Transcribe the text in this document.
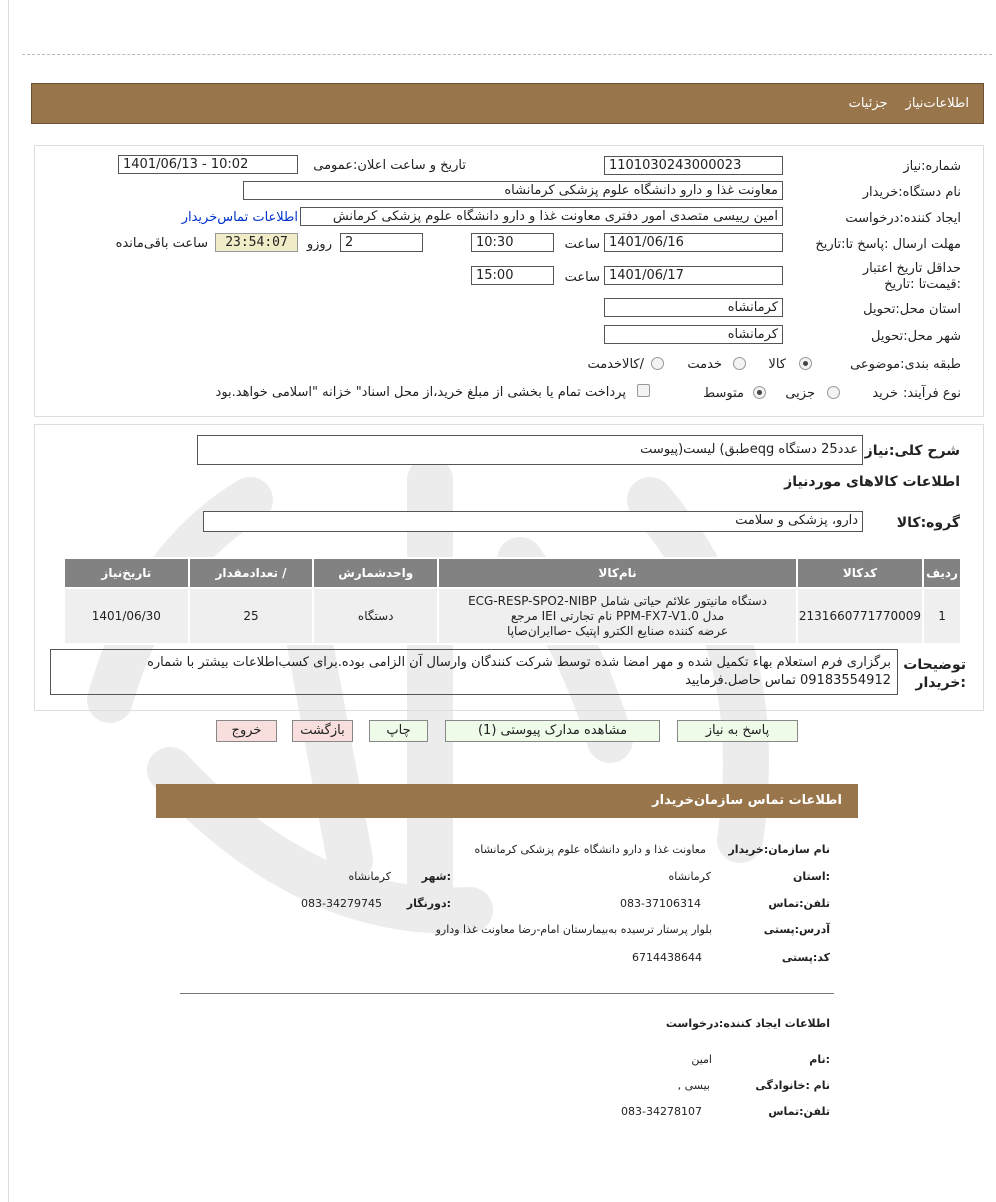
اطلاعات‌نیازجزئیات
شماره:نیاز
1101030243000023
تاریخ و ساعت اعلان:عمومی
1401/06/13 - 10:02
نام دستگاه:خریدار
معاونت غذا و دارو دانشگاه علوم پزشکی کرمانشاه
ایجاد کننده:درخواست
امین رییسی متصدی امور دفتری معاونت غذا و دارو دانشگاه علوم پزشکی کرمانش
اطلاعات تماس‌خریدار
مهلت ارسال :پاسخ تا:تاریخ
1401/06/16
ساعت
10:30
2
روزو
23:54:07
ساعت باقی‌مانده
حداقل تاریخ اعتبار :قیمت‌تا :تاریخ
1401/06/17
ساعت
15:00
استان محل:تحویل
کرمانشاه
شهر محل:تحویل
کرمانشاه
طبقه بندی:موضوعی
کالا
خدمت
/کالاخدمت
نوع فرآیند:
خرید
جزیی
متوسط
پرداخت تمام یا بخشی از مبلغ خرید،از محل اسناد" خزانه "اسلامی خواهد.بود
شرح کلی:نیاز
عدد25 دستگاه eqgطبق) لیست(پیوست
اطلاعات کالاهای موردنیاز
گروه:کالا
دارو، پزشکی و سلامت
ردیف	کدکالا	نام‌کالا	واحدشمارش	/ تعدادمقدار	تاریخ‌نیاز
1	2131660771770009	دستگاه مانیتور علائم حیاتی شامل ECG-RESP-SPO2-NIBP
مدل PPM-FX7-V1.0 نام تجارتی IEI مرجع
عرضه کننده صنایع الکترو اپتیک -صاایران‌صاپا	دستگاه	25	1401/06/30
توضیحات :خریدار
برگزاری فرم استعلام بهاء تکمیل شده و مهر امضا شده توسط شرکت کنندگان وارسال آن الزامی بوده.برای کسب‌اطلاعات بیشتر با شماره 09183554912 تماس حاصل.فرمایید
پاسخ به نیاز
مشاهده مدارک پیوستی (1)
چاپ
بازگشت
خروج
اطلاعات تماس سازمان‌خریدار
نام سازمان:خریدار
معاونت غذا و دارو دانشگاه علوم پزشکی کرمانشاه
:استان
کرمانشاه
:شهر
کرمانشاه
تلفن:تماس
083-37106314
:دورنگار
083-34279745
آدرس:پستی
بلوار پرستار ترسیده به‌بیمارستان امام-رضا معاونت غذا ودارو
کد:پستی
6714438644
اطلاعات ایجاد کننده:درخواست
:نام
امین
نام :خانوادگی
بیسی ,
تلفن:تماس
083-34278107
